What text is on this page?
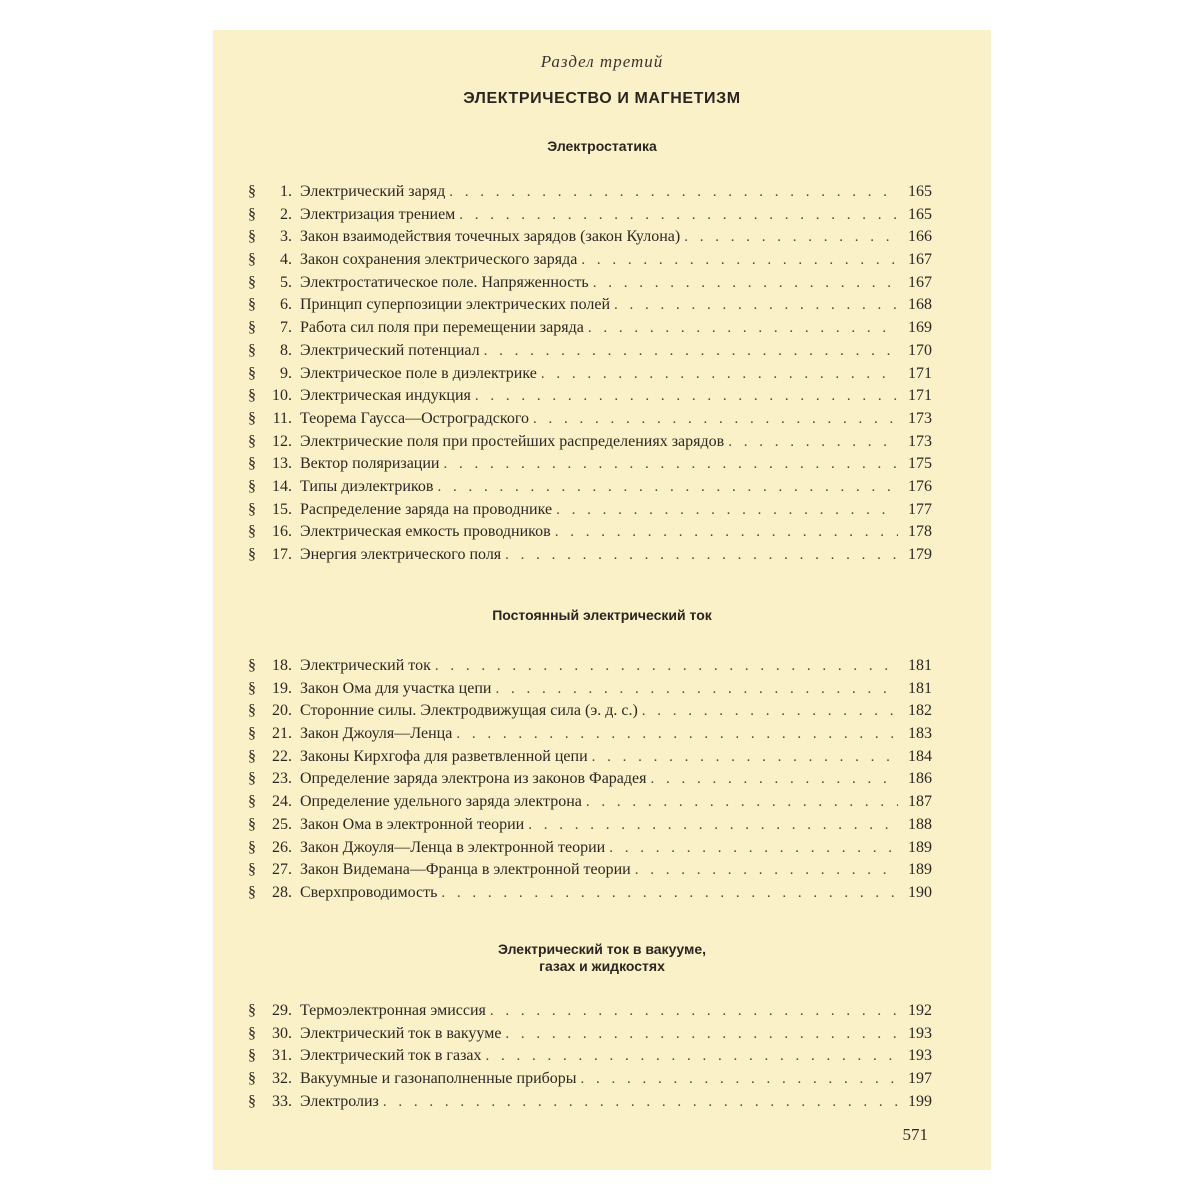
Раздел третий
ЭЛЕКТРИЧЕСТВО И МАГНЕТИЗМ
Электростатика
§	1. Электрический заряд . . .	165
§	2. Электризация трением . . .	165
§	3. Закон взаимодействия точечных зарядов (закон Кулона) . . .	166
§	4. Закон сохранения электрического заряда . . .	167
§	5. Электростатическое поле. Напряженность . . .	167
§	6. Принцип суперпозиции электрических полей . . .	168
§	7. Работа сил поля при перемещении заряда . . .	169
§	8. Электрический потенциал . . .	170
§	9. Электрическое поле в диэлектрике . . .	171
§	10. Электрическая индукция . . .	171
§	11. Теорема Гаусса—Остроградского . . .	173
§	12. Электрические поля при простейших распределениях зарядов . . .	173
§	13. Вектор поляризации . . .	175
§	14. Типы диэлектриков . . .	176
§	15. Распределение заряда на проводнике . . .	177
§	16. Электрическая емкость проводников . . .	178
§	17. Энергия электрического поля . . .	179
Постоянный электрический ток
§	18. Электрический ток . . .	181
§	19. Закон Ома для участка цепи . . .	181
§	20. Сторонние силы. Электродвижущая сила (э. д. с.) . . .	182
§	21. Закон Джоуля—Ленца . . .	183
§	22. Законы Кирхгофа для разветвленной цепи . . .	184
§	23. Определение заряда электрона из законов Фарадея . . .	186
§	24. Определение удельного заряда электрона . . .	187
§	25. Закон Ома в электронной теории . . .	188
§	26. Закон Джоуля—Ленца в электронной теории . . .	189
§	27. Закон Видемана—Франца в электронной теории . . .	189
§	28. Сверхпроводимость . . .	190
Электрический ток в вакууме,
газах и жидкостях
§	29. Термоэлектронная эмиссия . . .	192
§	30. Электрический ток в вакууме . . .	193
§	31. Электрический ток в газах . . .	193
§	32. Вакуумные и газонаполненные приборы . . .	197
§	33. Электролиз . . .	199
571
